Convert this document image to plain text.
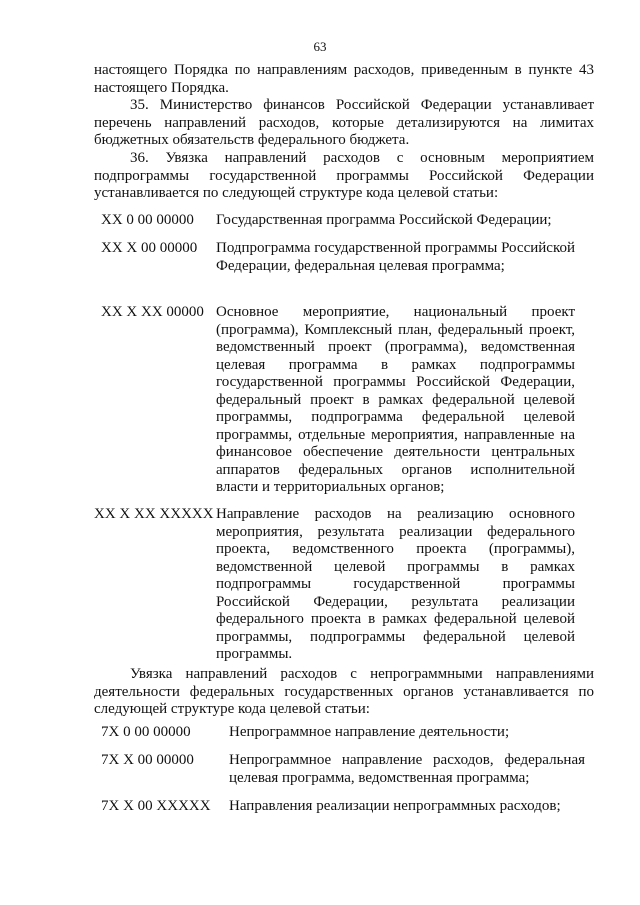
63

настоящего Порядка по направлениям расходов, приведенным в пункте 43 настоящего Порядка.

35. Министерство финансов Российской Федерации устанавливает перечень направлений расходов, которые детализируются на лимитах бюджетных обязательств федерального бюджета.

36. Увязка направлений расходов с основным мероприятием подпрограммы государственной программы Российской Федерации устанавливается по следующей структуре кода целевой статьи:

ХХ 0 00 00000 Государственная программа Российской Федерации;
ХХ Х 00 00000 Подпрограмма государственной программы Российской Федерации, федеральная целевая программа;
ХХ Х ХХ 00000 Основное мероприятие, национальный проект (программа), Комплексный план, федеральный проект, ведомственный проект (программа), ведомственная целевая программа в рамках подпрограммы государственной программы Российской Федерации, федеральный проект в рамках федеральной целевой программы, подпрограмма федеральной целевой программы, отдельные мероприятия, направленные на финансовое обеспечение деятельности центральных аппаратов федеральных органов исполнительной власти и территориальных органов;
ХХ Х ХХ ХХХХХ Направление расходов на реализацию основного мероприятия, результата реализации федерального проекта, ведомственного проекта (программы), ведомственной целевой программы в рамках подпрограммы государственной программы Российской Федерации, результата реализации федерального проекта в рамках федеральной целевой программы, подпрограммы федеральной целевой программы.

Увязка направлений расходов с непрограммными направлениями деятельности федеральных государственных органов устанавливается по следующей структуре кода целевой статьи:

7Х 0 00 00000	Непрограммное направление деятельности;
7Х Х 00 00000 Непрограммное направление расходов, федеральная целевая программа, ведомственная программа;
7Х Х 00 ХХХХХ Направления реализации непрограммных расходов;
